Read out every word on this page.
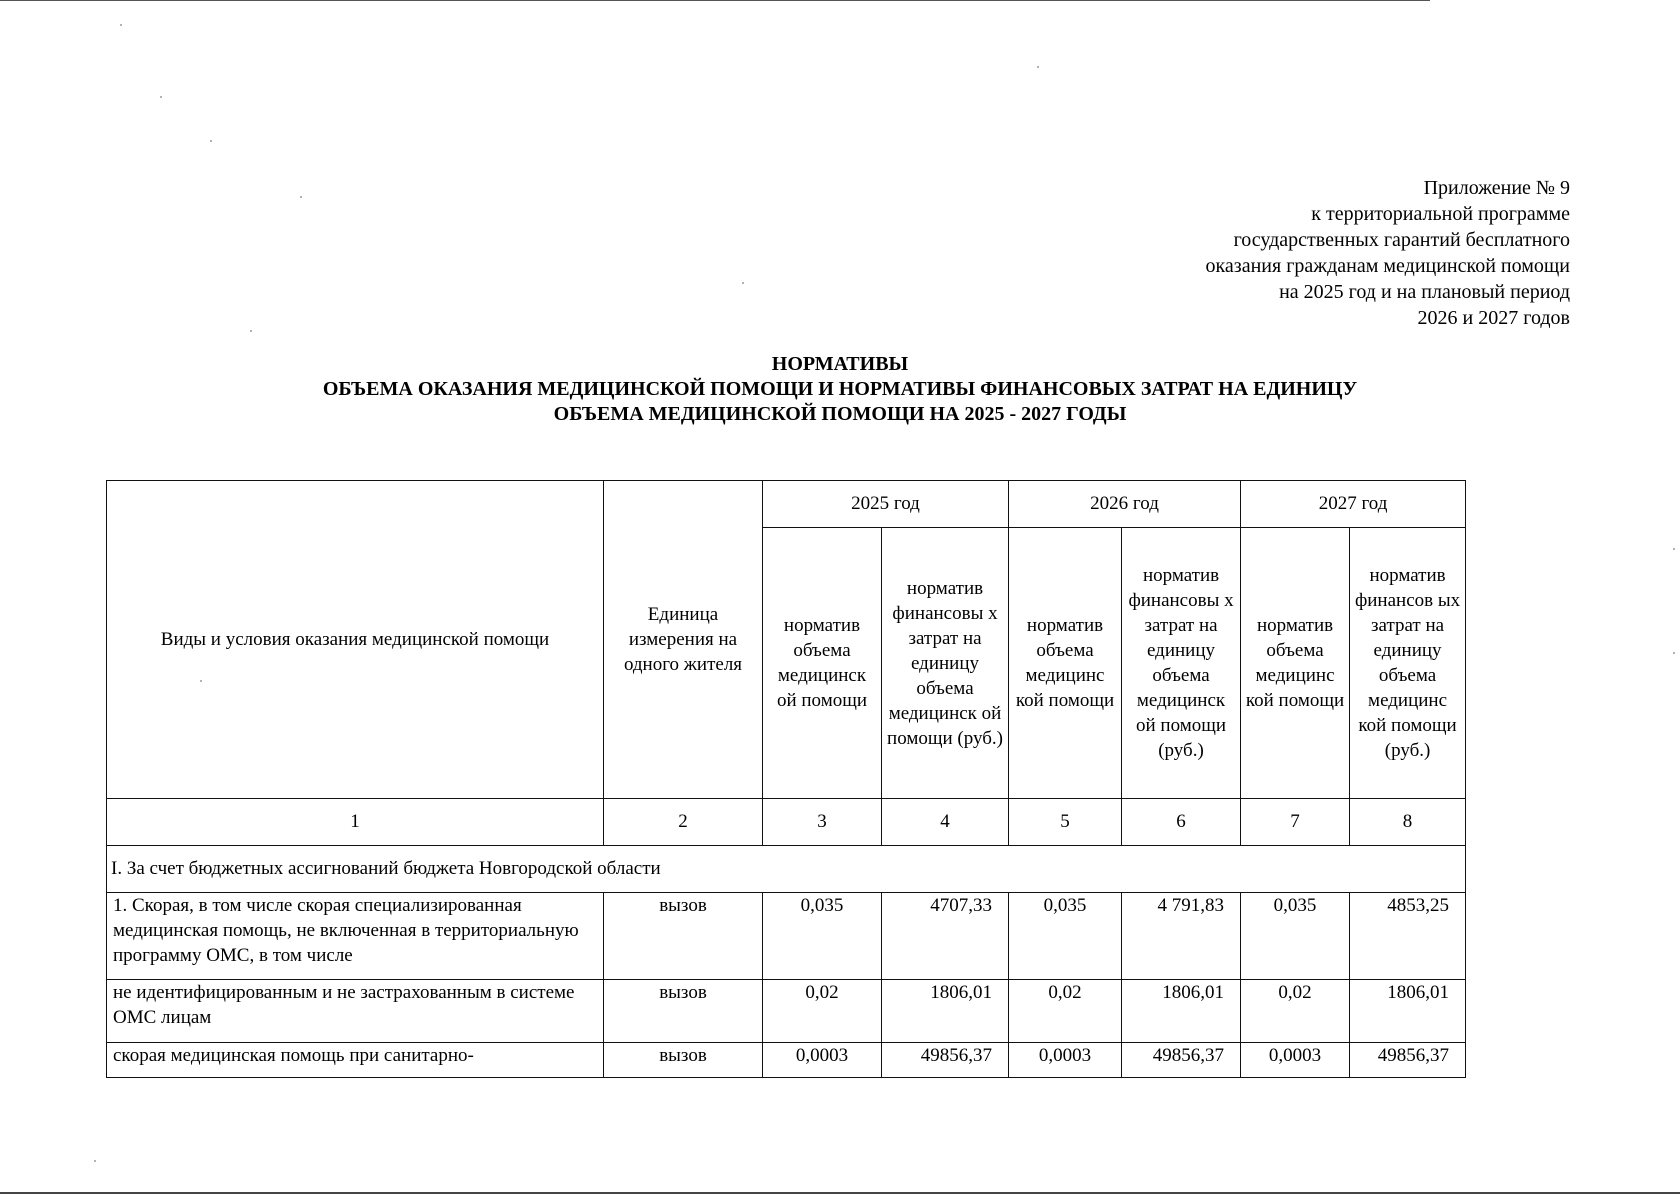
Приложение № 9
к территориальной программе
государственных гарантий бесплатного
оказания гражданам медицинской помощи
на 2025 год и на плановый период
2026 и 2027 годов
НОРМАТИВЫ
ОБЪЕМА ОКАЗАНИЯ МЕДИЦИНСКОЙ ПОМОЩИ И НОРМАТИВЫ ФИНАНСОВЫХ ЗАТРАТ НА ЕДИНИЦУ
ОБЪЕМА МЕДИЦИНСКОЙ ПОМОЩИ НА 2025 - 2027 ГОДЫ
Виды и условия оказания медицинской помощи	Единица измерения на одного жителя	2025 год		2026 год		2027 год	
		норматив объема медицинск ой помощи	норматив финансовы х затрат на единицу объема медицинск ой помощи (руб.)	норматив объема медицинс кой помощи	норматив финансовы х затрат на единицу объема медицинск ой помощи (руб.)	норматив объема медицинс кой помощи	норматив финансов ых затрат на единицу объема медицинс кой помощи (руб.)
1	2	3	4	5	6	7	8
I. За счет бюджетных ассигнований бюджета Новгородской области							
1. Скорая, в том числе скорая специализированная медицинская помощь, не включенная в территориальную программу ОМС, в том числе	вызов	0,035	4707,33	0,035	4 791,83	0,035	4853,25
не идентифицированным и не застрахованным в системе ОМС лицам	вызов	0,02	1806,01	0,02	1806,01	0,02	1806,01
скорая медицинская помощь при санитарно-	вызов	0,0003	49856,37	0,0003	49856,37	0,0003	49856,37
